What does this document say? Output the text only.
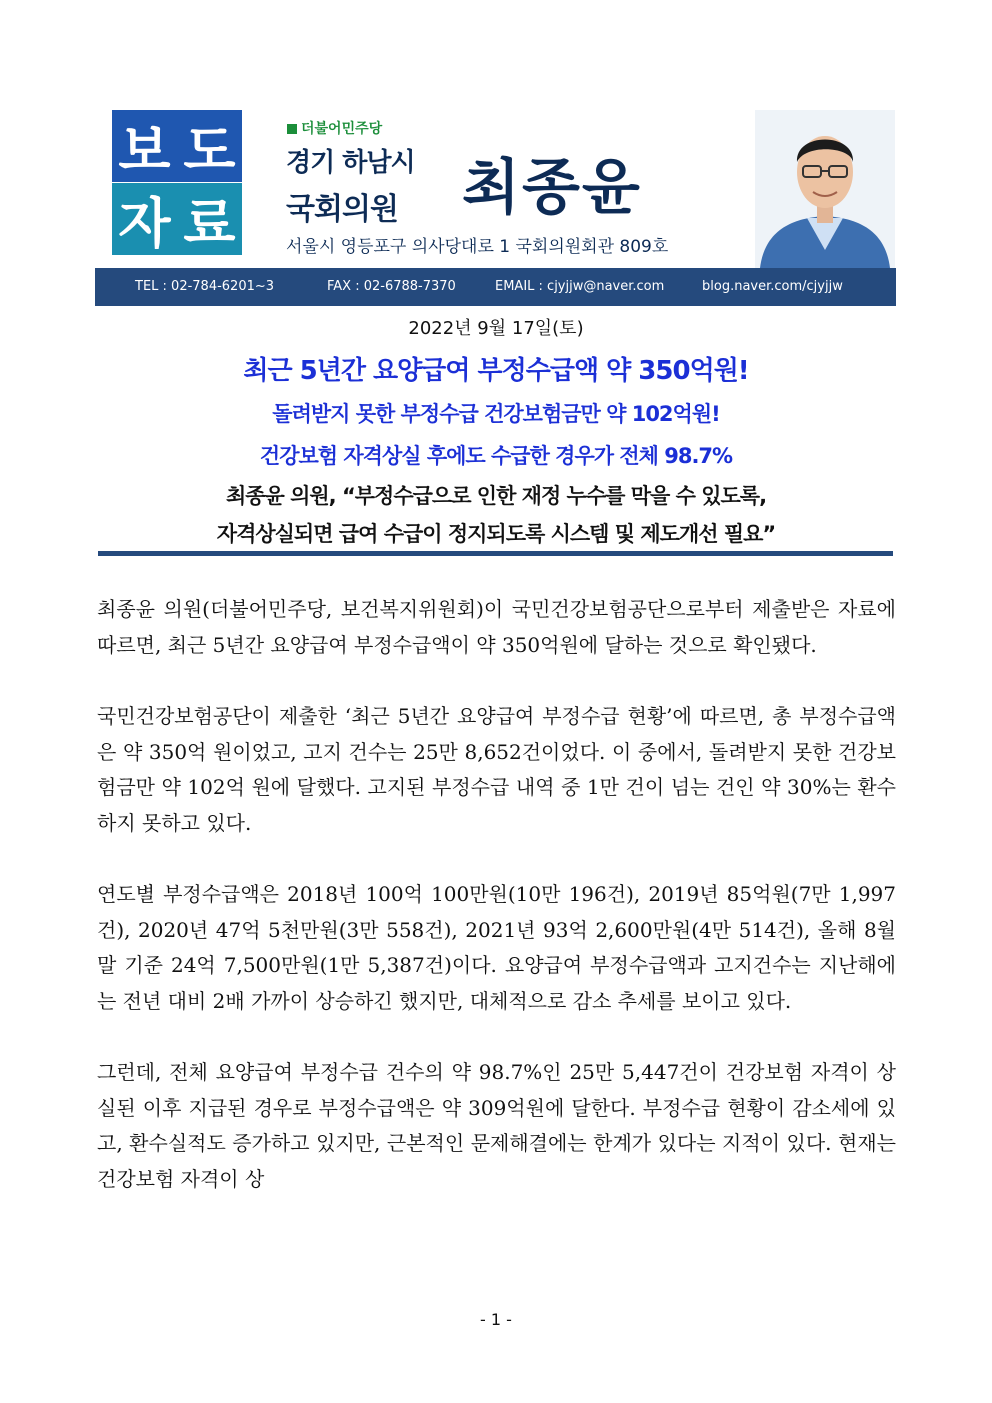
보 도
자 료
더불어민주당
경기 하남시
국회의원 최종윤
서울시 영등포구 의사당대로 1 국회의원회관 809호
TEL : 02-784-6201~3	FAX : 02-6788-7370	EMAIL : cjyjjw@naver.com	blog.naver.com/cjyjjw
2022년 9월 17일(토)
최근 5년간 요양급여 부정수급액 약 350억원!
돌려받지 못한 부정수급 건강보험금만 약 102억원!
건강보험 자격상실 후에도 수급한 경우가 전체 98.7%
최종윤 의원, “부정수급으로 인한 재정 누수를 막을 수 있도록,
자격상실되면 급여 수급이 정지되도록 시스템 및 제도개선 필요”

최종윤 의원(더불어민주당, 보건복지위원회)이 국민건강보험공단으로부터 제출받은 자료에 따르면, 최근 5년간 요양급여 부정수급액이 약 350억원에 달하는 것으로 확인됐다.

국민건강보험공단이 제출한 ‘최근 5년간 요양급여 부정수급 현황’에 따르면, 총 부정수급액은 약 350억 원이었고, 고지 건수는 25만 8,652건이었다. 이 중에서, 돌려받지 못한 건강보험금만 약 102억 원에 달했다. 고지된 부정수급 내역 중 1만 건이 넘는 건인 약 30%는 환수하지 못하고 있다.

연도별 부정수급액은 2018년 100억 100만원(10만 196건), 2019년 85억원(7만 1,997건), 2020년 47억 5천만원(3만 558건), 2021년 93억 2,600만원(4만 514건), 올해 8월말 기준 24억 7,500만원(1만 5,387건)이다. 요양급여 부정수급액과 고지건수는 지난해에는 전년 대비 2배 가까이 상승하긴 했지만, 대체적으로 감소 추세를 보이고 있다.

그런데, 전체 요양급여 부정수급 건수의 약 98.7%인 25만 5,447건이 건강보험 자격이 상실된 이후 지급된 경우로 부정수급액은 약 309억원에 달한다. 부정수급 현황이 감소세에 있고, 환수실적도 증가하고 있지만, 근본적인 문제해결에는 한계가 있다는 지적이 있다. 현재는 건강보험 자격이 상

- 1 -
